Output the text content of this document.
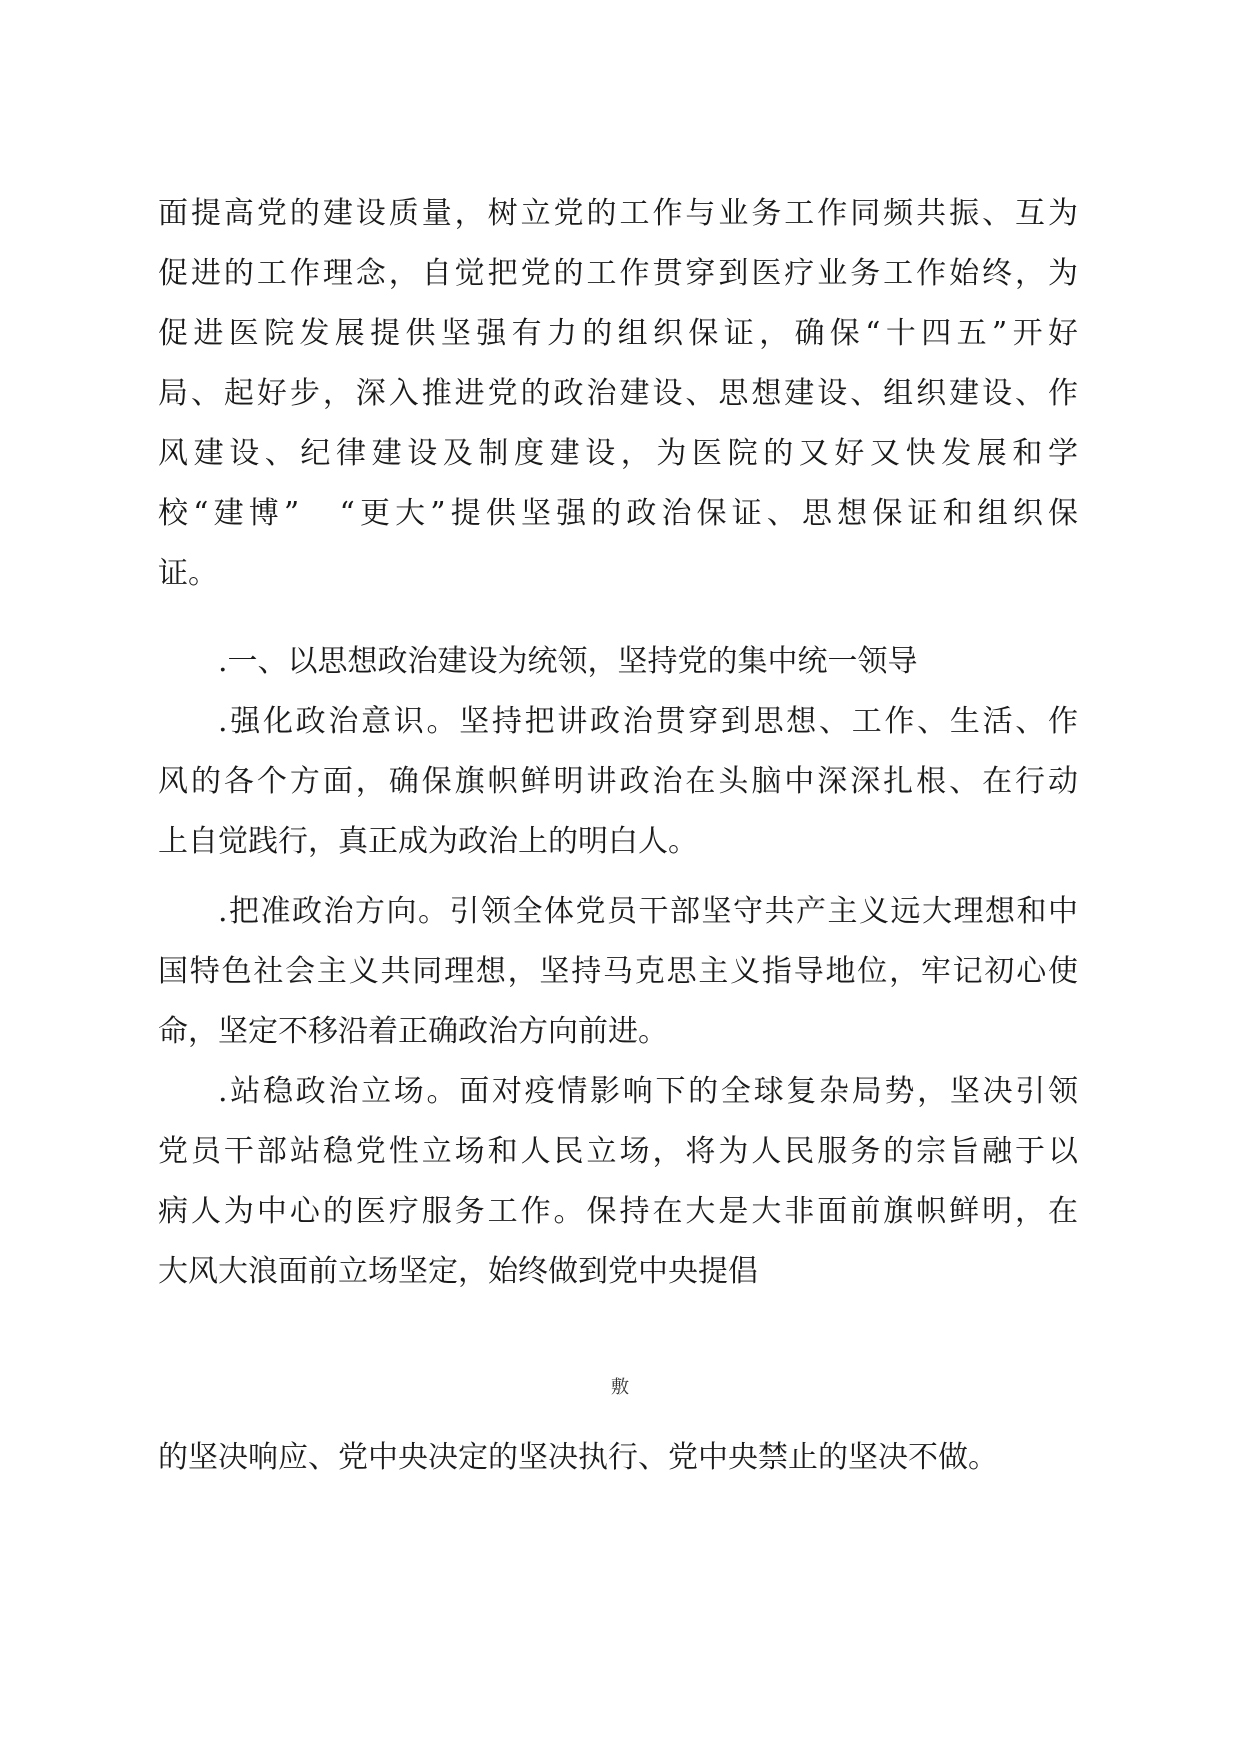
面提高党的建设质量，树立党的工作与业务工作同频共振、互为
促进的工作理念，自觉把党的工作贯穿到医疗业务工作始终，为
促进医院发展提供坚强有力的组织保证，确保“十四五”开好
局、起好步，深入推进党的政治建设、思想建设、组织建设、作
风建设、纪律建设及制度建设，为医院的又好又快发展和学
校“建博”　“更大”提供坚强的政治保证、思想保证和组织保
证。
.一、以思想政治建设为统领，坚持党的集中统一领导
.强化政治意识。坚持把讲政治贯穿到思想、工作、生活、作
风的各个方面，确保旗帜鲜明讲政治在头脑中深深扎根、在行动
上自觉践行，真正成为政治上的明白人。
.把准政治方向。引领全体党员干部坚守共产主义远大理想和中
国特色社会主义共同理想，坚持马克思主义指导地位，牢记初心使
命，坚定不移沿着正确政治方向前进。
.站稳政治立场。面对疫情影响下的全球复杂局势，坚决引领
党员干部站稳党性立场和人民立场，将为人民服务的宗旨融于以
病人为中心的医疗服务工作。保持在大是大非面前旗帜鲜明，在
大风大浪面前立场坚定，始终做到党中央提倡
敷
的坚决响应、党中央决定的坚决执行、党中央禁止的坚决不做。
